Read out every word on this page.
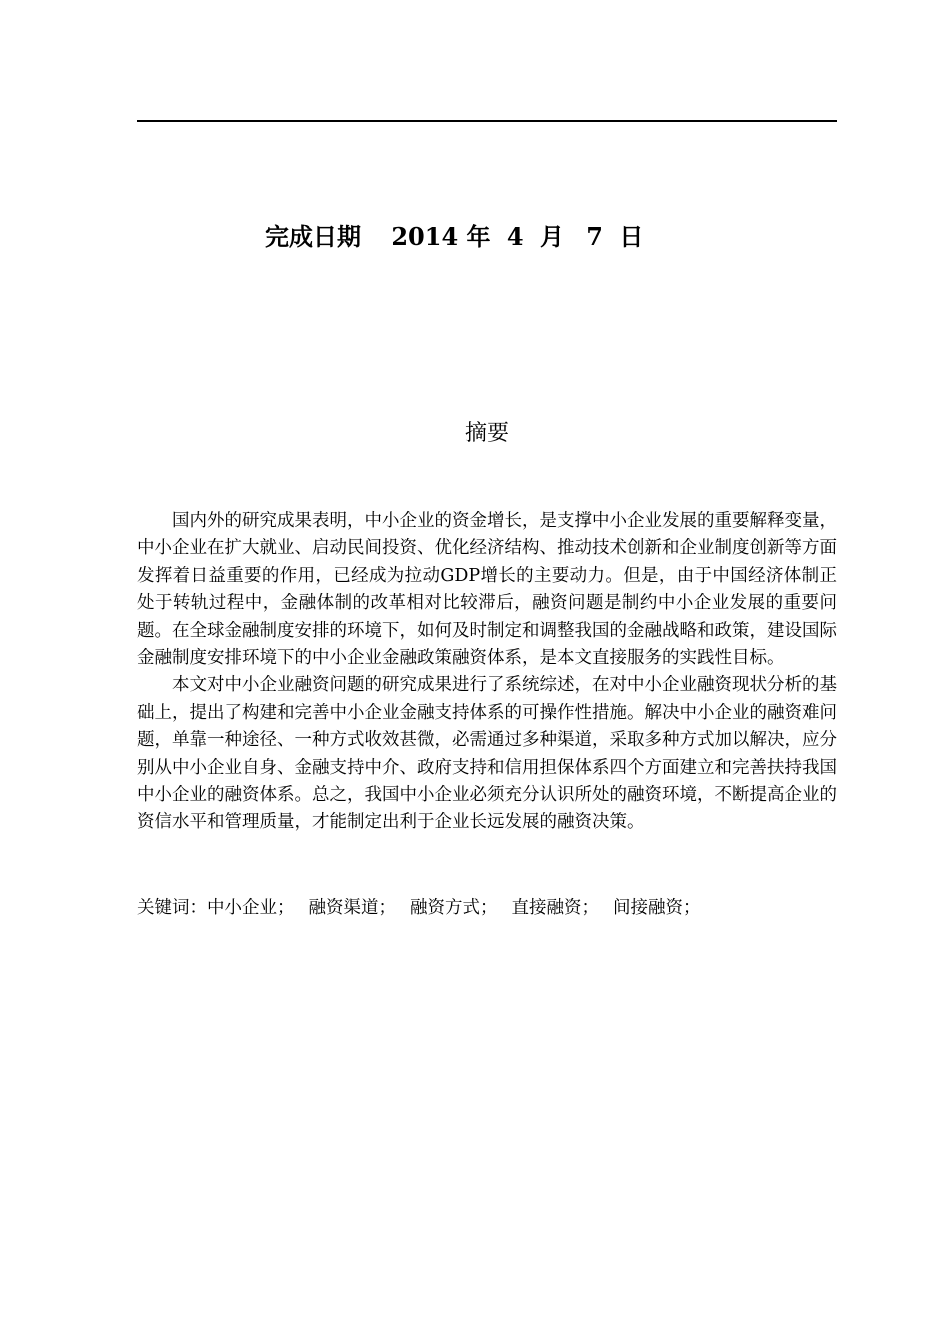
完成日期 2014 年 4 月 7 日
摘要

国内外的研究成果表明，中小企业的资金增长，是支撑中小企业发展的重要解释变量，中小企业在扩大就业、启动民间投资、优化经济结构、推动技术创新和企业制度创新等方面发挥着日益重要的作用，已经成为拉动GDP增长的主要动力。但是，由于中国经济体制正处于转轨过程中，金融体制的改革相对比较滞后，融资问题是制约中小企业发展的重要问题。在全球金融制度安排的环境下，如何及时制定和调整我国的金融战略和政策，建设国际金融制度安排环境下的中小企业金融政策融资体系，是本文直接服务的实践性目标。

本文对中小企业融资问题的研究成果进行了系统综述，在对中小企业融资现状分析的基础上，提出了构建和完善中小企业金融支持体系的可操作性措施。解决中小企业的融资难问题，单靠一种途径、一种方式收效甚微，必需通过多种渠道，采取多种方式加以解决，应分别从中小企业自身、金融支持中介、政府支持和信用担保体系四个方面建立和完善扶持我国中小企业的融资体系。总之，我国中小企业必须充分认识所处的融资环境，不断提高企业的资信水平和管理质量，才能制定出利于企业长远发展的融资决策。

关键词：中小企业； 融资渠道； 融资方式； 直接融资； 间接融资；
